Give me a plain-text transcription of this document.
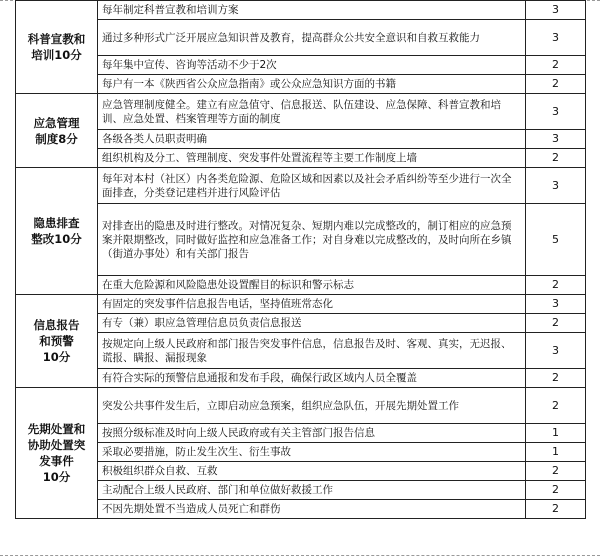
科普宣教和
培训10分	每年制定科普宣教和培训方案	3
	通过多种形式广泛开展应急知识普及教育，提高群众公共安全意识和自救互救能力	3
	每年集中宣传、咨询等活动不少于2次	2
	每户有一本《陕西省公众应急指南》或公众应急知识方面的书籍	2
应急管理
制度8分	应急管理制度健全。建立有应急值守、信息报送、队伍建设、应急保障、科普宣教和培训、应急处置、档案管理等方面的制度	3
	各级各类人员职责明确	3
	组织机构及分工、管理制度、突发事件处置流程等主要工作制度上墙	2
隐患排查
整改10分	每年对本村（社区）内各类危险源、危险区域和因素以及社会矛盾纠纷等至少进行一次全面排查，分类登记建档并进行风险评估	3
	对排查出的隐患及时进行整改。对情况复杂、短期内难以完成整改的，制订相应的应急预案并限期整改，同时做好监控和应急准备工作；对自身难以完成整改的，及时向所在乡镇（街道办事处）和有关部门报告	5
	在重大危险源和风险隐患处设置醒目的标识和警示标志	2
信息报告
和预警
10分	有固定的突发事件信息报告电话，坚持值班常态化	3
	有专（兼）职应急管理信息员负责信息报送	2
	按规定向上级人民政府和部门报告突发事件信息，信息报告及时、客观、真实，无迟报、谎报、瞒报、漏报现象	3
	有符合实际的预警信息通报和发布手段，确保行政区域内人员全覆盖	2
先期处置和
协助处置突
发事件
10分	突发公共事件发生后，立即启动应急预案，组织应急队伍，开展先期处置工作	2
	按照分级标准及时向上级人民政府或有关主管部门报告信息	1
	采取必要措施，防止发生次生、衍生事故	1
	积极组织群众自救、互救	2
	主动配合上级人民政府、部门和单位做好救援工作	2
	不因先期处置不当造成人员死亡和群伤	2
